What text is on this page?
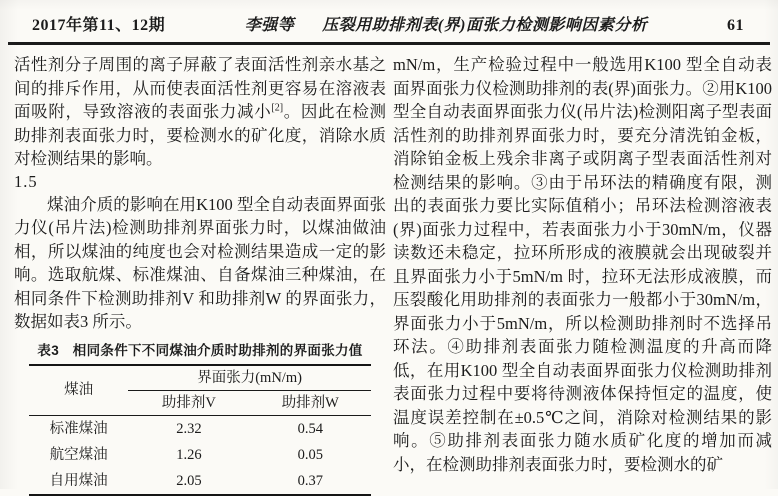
2017年第11、12期	李强等 压裂用助排剂表(界)面张力检测影响因素分析	61

活性剂分子周围的离子屏蔽了表面活性剂亲水基之间的排斥作用，从而使表面活性剂更容易在溶液表面吸附，导致溶液的表面张力减小[2]。因此在检测助排剂表面张力时，要检测水的矿化度，消除水质对检测结果的影响。

1.5

煤油介质的影响在用K100 型全自动表面界面张力仪(吊片法)检测助排剂界面张力时，以煤油做油相，所以煤油的纯度也会对检测结果造成一定的影响。选取航煤、标准煤油、自备煤油三种煤油，在相同条件下检测助排剂V 和助排剂W 的界面张力，数据如表3 所示。

表3　相同条件下不同煤油介质时助排剂的界面张力值
煤油	界面张力(mN/m)	
	助排剂V	助排剂W
标准煤油	2.32	0.54
航空煤油	1.26	0.05
自用煤油	2.05	0.37

mN/m，生产检验过程中一般选用K100 型全自动表面界面张力仪检测助排剂的表(界)面张力。②用K100 型全自动表面界面张力仪(吊片法)检测阳离子型表面活性剂的助排剂界面张力时，要充分清洗铂金板，消除铂金板上残余非离子或阴离子型表面活性剂对检测结果的影响。③由于吊环法的精确度有限，测出的表面张力要比实际值稍小；吊环法检测溶液表(界)面张力过程中，若表面张力小于30mN/m，仪器读数还未稳定，拉环所形成的液膜就会出现破裂并且界面张力小于5mN/m 时，拉环无法形成液膜，而压裂酸化用助排剂的表面张力一般都小于30mN/m，界面张力小于5mN/m，所以检测助排剂时不选择吊环法。④助排剂表面张力随检测温度的升高而降低，在用K100 型全自动表面界面张力仪检测助排剂表面张力过程中要将待测液体保持恒定的温度，使温度误差控制在±0.5℃之间，消除对检测结果的影响。⑤助排剂表面张力随水质矿化度的增加而减小，在检测助排剂表面张力时，要检测水的矿
